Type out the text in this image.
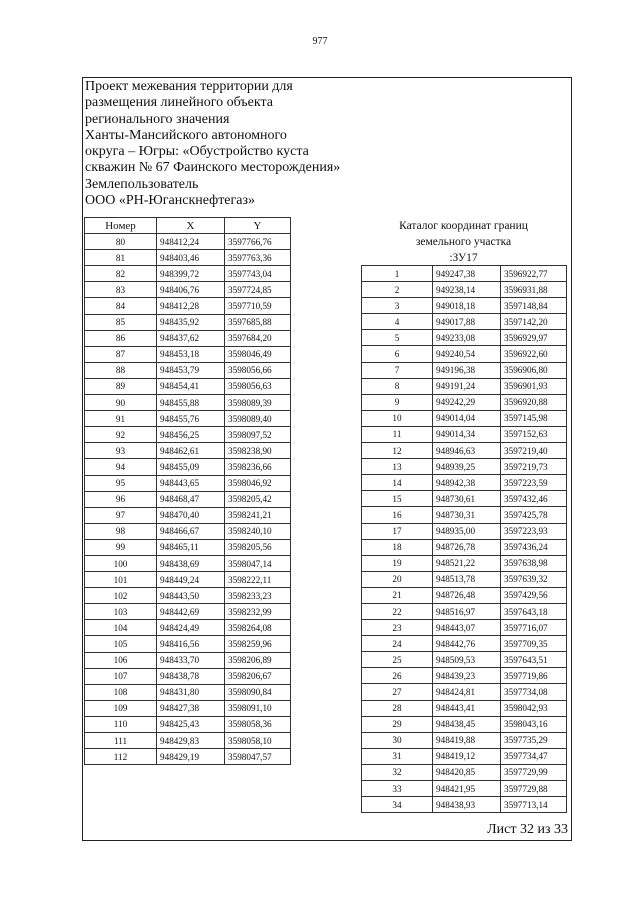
977
Проект межевания территории для
размещения линейного объекта
регионального значения
Ханты-Мансийского автономного
округа – Югры: «Обустройство куста
скважин № 67 Фаинского месторождения»
Землепользователь
ООО «РН-Юганскнефтегаз»
Номер	X	Y
80	948412,24	3597766,76
81	948403,46	3597763,36
82	948399,72	3597743,04
83	948406,76	3597724,85
84	948412,28	3597710,59
85	948435,92	3597685,88
86	948437,62	3597684,20
87	948453,18	3598046,49
88	948453,79	3598056,66
89	948454,41	3598056,63
90	948455,88	3598089,39
91	948455,76	3598089,40
92	948456,25	3598097,52
93	948462,61	3598238,90
94	948455,09	3598236,66
95	948443,65	3598046,92
96	948468,47	3598205,42
97	948470,40	3598241,21
98	948466,67	3598240,10
99	948465,11	3598205,56
100	948438,69	3598047,14
101	948449,24	3598222,11
102	948443,50	3598233,23
103	948442,69	3598232,99
104	948424,49	3598264,08
105	948416,56	3598259,96
106	948433,70	3598206,89
107	948438,78	3598206,67
108	948431,80	3598090,84
109	948427,38	3598091,10
110	948425,43	3598058,36
111	948429,83	3598058,10
112	948429,19	3598047,57
Каталог координат границ
земельного участка
:ЗУ17
1	949247,38	3596922,77
2	949238,14	3596931,88
3	949018,18	3597148,84
4	949017,88	3597142,20
5	949233,08	3596929,97
6	949240,54	3596922,60
7	949196,38	3596906,80
8	949191,24	3596901,93
9	949242,29	3596920,88
10	949014,04	3597145,98
11	949014,34	3597152,63
12	948946,63	3597219,40
13	948939,25	3597219,73
14	948942,38	3597223,59
15	948730,61	3597432,46
16	948730,31	3597425,78
17	948935,00	3597223,93
18	948726,78	3597436,24
19	948521,22	3597638,98
20	948513,78	3597639,32
21	948726,48	3597429,56
22	948516,97	3597643,18
23	948443,07	3597716,07
24	948442,76	3597709,35
25	948509,53	3597643,51
26	948439,23	3597719,86
27	948424,81	3597734,08
28	948443,41	3598042,93
29	948438,45	3598043,16
30	948419,88	3597735,29
31	948419,12	3597734,47
32	948420,85	3597729,99
33	948421,95	3597729,88
34	948438,93	3597713,14
Лист 32 из 33
